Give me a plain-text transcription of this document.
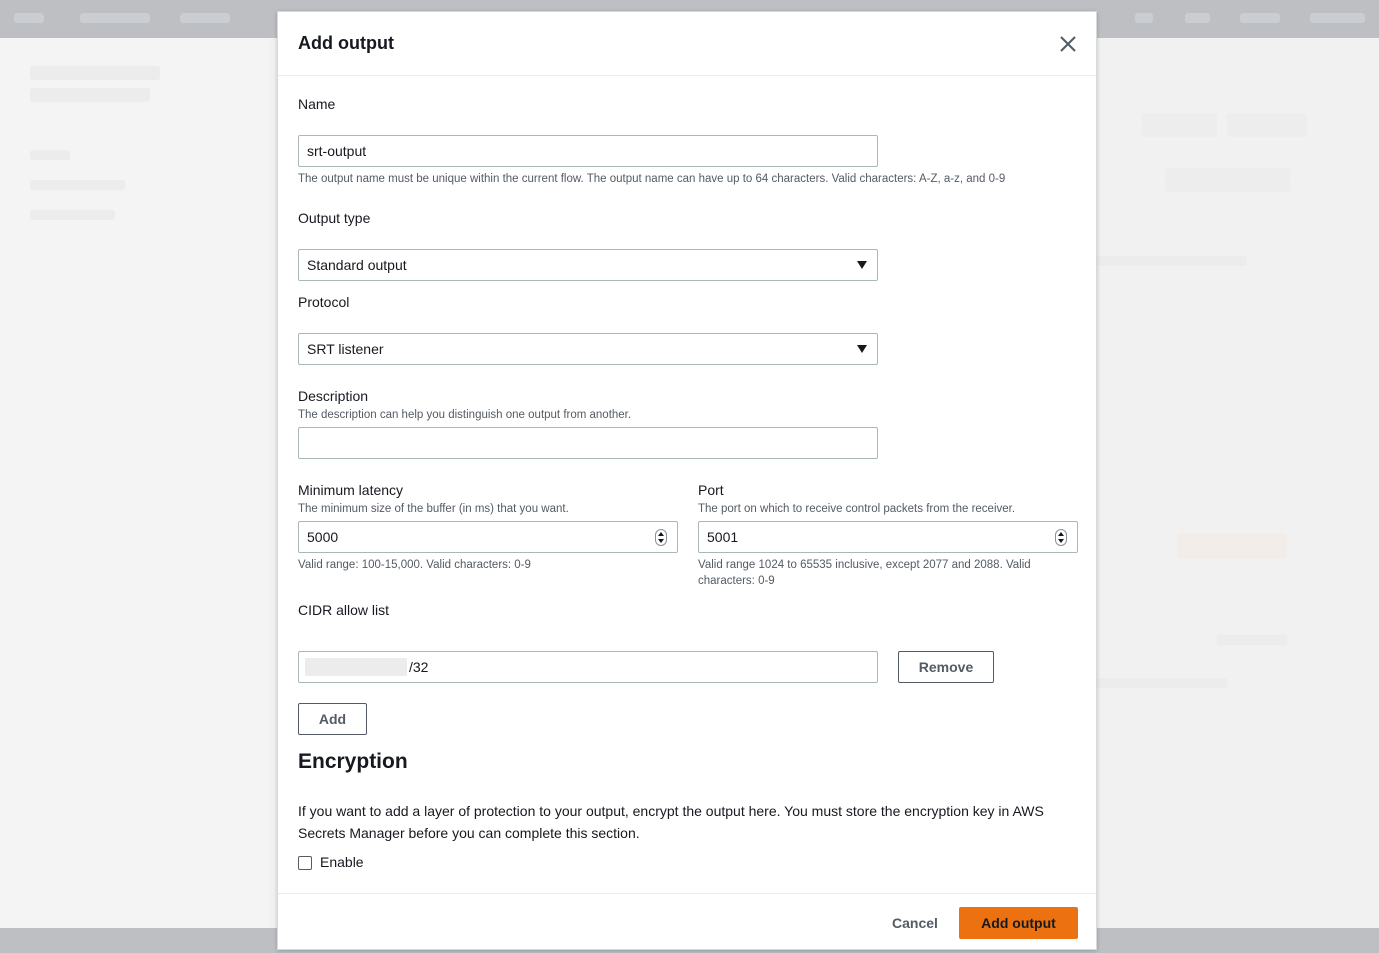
Add output
Name
srt-output
The output name must be unique within the current flow. The output name can have up to 64 characters. Valid characters: A-Z, a-z, and 0-9
Output type
Standard output
Protocol
SRT listener
Description
The description can help you distinguish one output from another.
Minimum latency
The minimum size of the buffer (in ms) that you want.
5000
Valid range: 100-15,000. Valid characters: 0-9
Port
The port on which to receive control packets from the receiver.
5001
Valid range 1024 to 65535 inclusive, except 2077 and 2088. Valid characters: 0-9
CIDR allow list
/32	Remove
Add
Encryption
If you want to add a layer of protection to your output, encrypt the output here. You must store the encryption key in AWS Secrets Manager before you can complete this section.
Enable
Cancel	Add output
